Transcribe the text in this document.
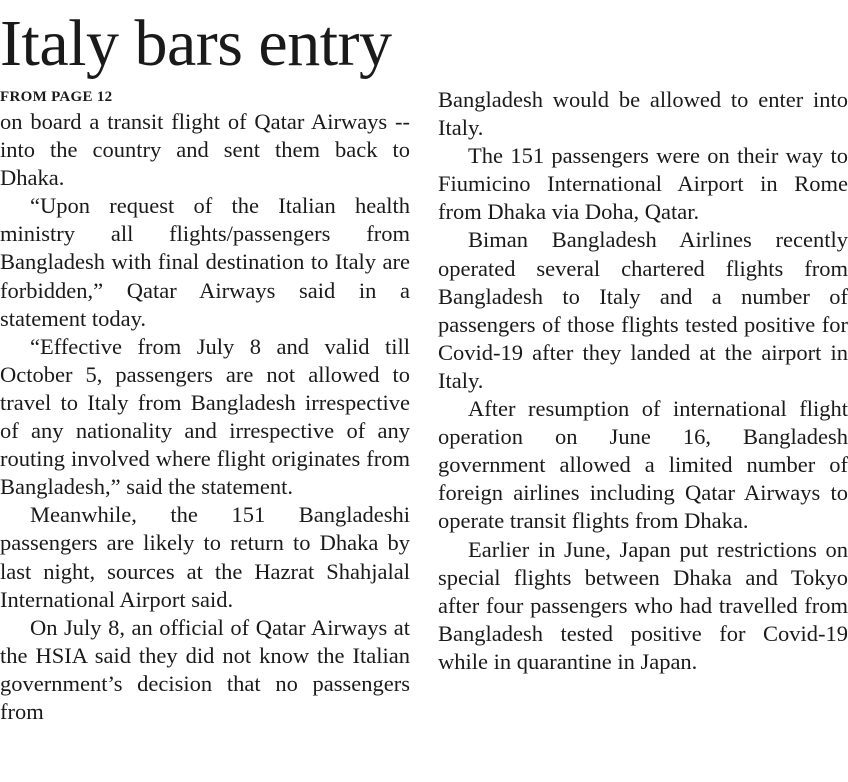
Italy bars entry
FROM PAGE 12

on board a transit flight of Qatar Airways -- into the country and sent them back to Dhaka.

“Upon request of the Italian health ministry all flights/passengers from Bangladesh with final destination to Italy are forbidden,” Qatar Airways said in a statement today.

“Effective from July 8 and valid till October 5, passengers are not allowed to travel to Italy from Bangladesh irrespective of any nationality and irrespective of any routing involved where flight originates from Bangladesh,” said the statement.

Meanwhile, the 151 Bangladeshi passengers are likely to return to Dhaka by last night, sources at the Hazrat Shahjalal International Airport said.

On July 8, an official of Qatar Airways at the HSIA said they did not know the Italian government’s decision that no passengers from

Bangladesh would be allowed to enter into Italy.

The 151 passengers were on their way to Fiumicino International Airport in Rome from Dhaka via Doha, Qatar.

Biman Bangladesh Airlines recently operated several chartered flights from Bangladesh to Italy and a number of passengers of those flights tested positive for Covid-19 after they landed at the airport in Italy.

After resumption of international flight operation on June 16, Bangladesh government allowed a limited number of foreign airlines including Qatar Airways to operate transit flights from Dhaka.

Earlier in June, Japan put restrictions on special flights between Dhaka and Tokyo after four passengers who had travelled from Bangladesh tested positive for Covid-19 while in quarantine in Japan.
